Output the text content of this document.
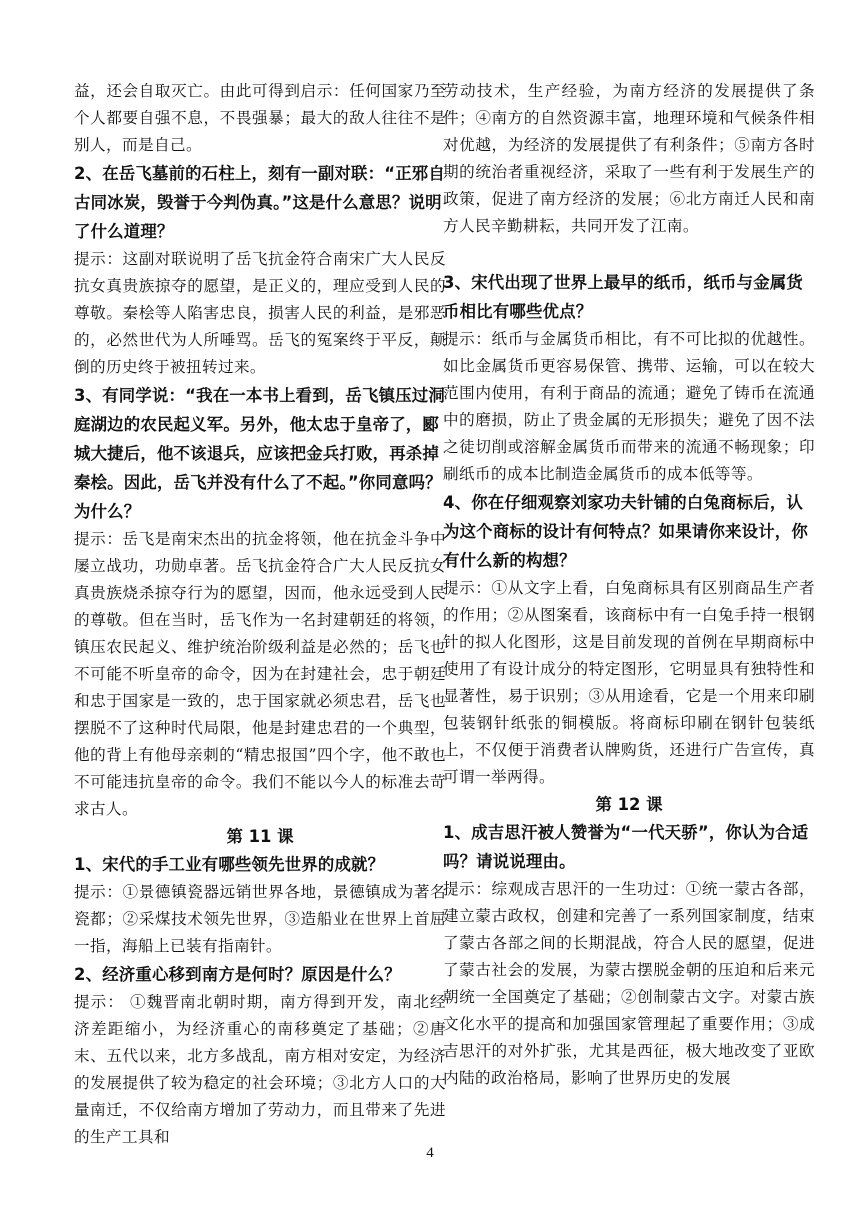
益，还会自取灭亡。由此可得到启示：任何国家乃至个人都要自强不息，不畏强暴；最大的敌人往往不是别人，而是自己。

2、在岳飞墓前的石柱上，刻有一副对联：“正邪自古同冰炭，毁誉于今判伪真。”这是什么意思？说明了什么道理？

提示：这副对联说明了岳飞抗金符合南宋广大人民反抗女真贵族掠夺的愿望，是正义的，理应受到人民的尊敬。秦桧等人陷害忠良，损害人民的利益，是邪恶的，必然世代为人所唾骂。岳飞的冤案终于平反，颠倒的历史终于被扭转过来。

3、有同学说：“我在一本书上看到，岳飞镇压过洞庭湖边的农民起义军。另外，他太忠于皇帝了，郾城大捷后，他不该退兵，应该把金兵打败，再杀掉秦桧。因此，岳飞并没有什么了不起。”你同意吗？为什么？

提示：岳飞是南宋杰出的抗金将领，他在抗金斗争中屡立战功，功勋卓著。岳飞抗金符合广大人民反抗女真贵族烧杀掠夺行为的愿望，因而，他永远受到人民的尊敬。但在当时，岳飞作为一名封建朝廷的将领，镇压农民起义、维护统治阶级利益是必然的；岳飞也不可能不听皇帝的命令，因为在封建社会，忠于朝廷和忠于国家是一致的，忠于国家就必须忠君，岳飞也摆脱不了这种时代局限，他是封建忠君的一个典型，他的背上有他母亲刺的“精忠报国”四个字，他不敢也不可能违抗皇帝的命令。我们不能以今人的标准去苛求古人。

第 11 课

1、宋代的手工业有哪些领先世界的成就？

提示：①景德镇瓷器远销世界各地，景德镇成为著名瓷都；②采煤技术领先世界，③造船业在世界上首屈一指，海船上已装有指南针。

2、经济重心移到南方是何时？原因是什么？

提示： ①魏晋南北朝时期，南方得到开发，南北经济差距缩小，为经济重心的南移奠定了基础；②唐末、五代以来，北方多战乱，南方相对安定，为经济的发展提供了较为稳定的社会环境；③北方人口的大量南迁，不仅给南方增加了劳动力，而且带来了先进的生产工具和

劳动技术，生产经验，为南方经济的发展提供了条件；④南方的自然资源丰富，地理环境和气候条件相对优越，为经济的发展提供了有利条件；⑤南方各时期的统治者重视经济，采取了一些有利于发展生产的政策，促进了南方经济的发展；⑥北方南迁人民和南方人民辛勤耕耘，共同开发了江南。

3、宋代出现了世界上最早的纸币，纸币与金属货币相比有哪些优点？

提示：纸币与金属货币相比，有不可比拟的优越性。如比金属货币更容易保管、携带、运输，可以在较大范围内使用，有利于商品的流通；避免了铸币在流通中的磨损，防止了贵金属的无形损失；避免了因不法之徒切削或溶解金属货币而带来的流通不畅现象；印刷纸币的成本比制造金属货币的成本低等等。

4、你在仔细观察刘家功夫针铺的白兔商标后，认为这个商标的设计有何特点？如果请你来设计，你有什么新的构想？

提示：①从文字上看，白兔商标具有区别商品生产者的作用；②从图案看，该商标中有一白兔手持一根钢针的拟人化图形，这是目前发现的首例在早期商标中使用了有设计成分的特定图形，它明显具有独特性和显著性，易于识别；③从用途看，它是一个用来印刷包装钢针纸张的铜模版。将商标印刷在钢针包装纸上，不仅便于消费者认牌购货，还进行广告宣传，真可谓一举两得。

第 12 课

1、成吉思汗被人赞誉为“一代天骄”，你认为合适吗？请说说理由。

提示：综观成吉思汗的一生功过：①统一蒙古各部，建立蒙古政权，创建和完善了一系列国家制度，结束了蒙古各部之间的长期混战，符合人民的愿望，促进了蒙古社会的发展，为蒙古摆脱金朝的压迫和后来元朝统一全国奠定了基础；②创制蒙古文字。对蒙古族文化水平的提高和加强国家管理起了重要作用；③成吉思汗的对外扩张，尤其是西征，极大地改变了亚欧内陆的政治格局，影响了世界历史的发展

4
